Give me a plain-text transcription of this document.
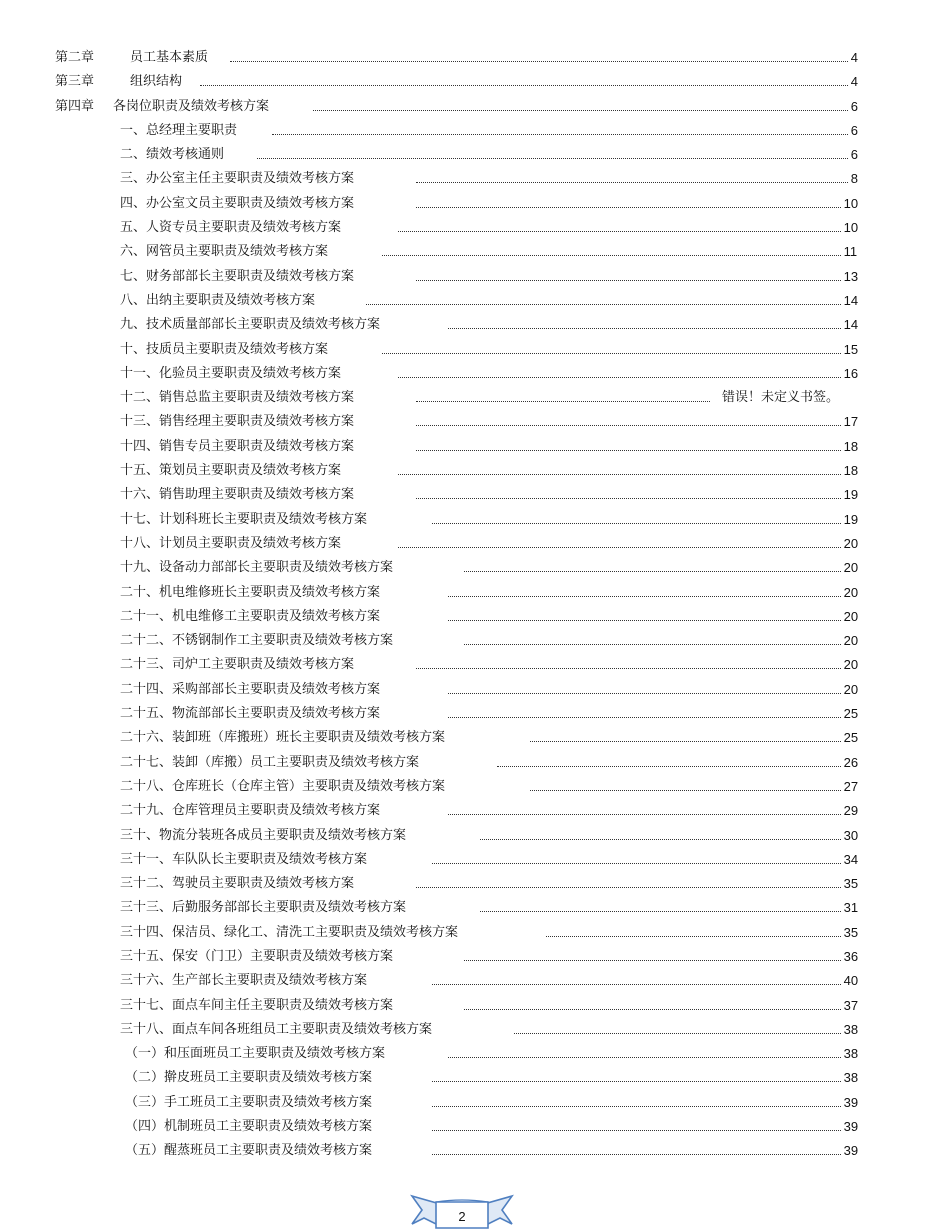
第二章	员工基本素质	4
第三章	组织结构	4
第四章 各岗位职责及绩效考核方案	6
一、总经理主要职责	6
二、绩效考核通则	6
三、办公室主任主要职责及绩效考核方案	8
四、办公室文员主要职责及绩效考核方案	10
五、人资专员主要职责及绩效考核方案	10
六、网管员主要职责及绩效考核方案	11
七、财务部部长主要职责及绩效考核方案	13
八、出纳主要职责及绩效考核方案	14
九、技术质量部部长主要职责及绩效考核方案	14
十、技质员主要职责及绩效考核方案	15
十一、化验员主要职责及绩效考核方案	16
十二、销售总监主要职责及绩效考核方案	错误！未定义书签。
十三、销售经理主要职责及绩效考核方案	17
十四、销售专员主要职责及绩效考核方案	18
十五、策划员主要职责及绩效考核方案	18
十六、销售助理主要职责及绩效考核方案	19
十七、计划科班长主要职责及绩效考核方案	19
十八、计划员主要职责及绩效考核方案	20
十九、设备动力部部长主要职责及绩效考核方案	20
二十、机电维修班长主要职责及绩效考核方案	20
二十一、机电维修工主要职责及绩效考核方案	20
二十二、不锈钢制作工主要职责及绩效考核方案	20
二十三、司炉工主要职责及绩效考核方案	20
二十四、采购部部长主要职责及绩效考核方案	20
二十五、物流部部长主要职责及绩效考核方案	25
二十六、装卸班（库搬班）班长主要职责及绩效考核方案	25
二十七、装卸（库搬）员工主要职责及绩效考核方案	26
二十八、仓库班长（仓库主管）主要职责及绩效考核方案	27
二十九、仓库管理员主要职责及绩效考核方案	29
三十、物流分装班各成员主要职责及绩效考核方案	30
三十一、车队队长主要职责及绩效考核方案	34
三十二、驾驶员主要职责及绩效考核方案	35
三十三、后勤服务部部长主要职责及绩效考核方案	31
三十四、保洁员、绿化工、清洗工主要职责及绩效考核方案	35
三十五、保安（门卫）主要职责及绩效考核方案	36
三十六、生产部长主要职责及绩效考核方案	40
三十七、面点车间主任主要职责及绩效考核方案	37
三十八、面点车间各班组员工主要职责及绩效考核方案	38
（一）和压面班员工主要职责及绩效考核方案	38
（二）擀皮班员工主要职责及绩效考核方案	38
（三）手工班员工主要职责及绩效考核方案	39
（四）机制班员工主要职责及绩效考核方案	39
（五）醒蒸班员工主要职责及绩效考核方案	39
2
